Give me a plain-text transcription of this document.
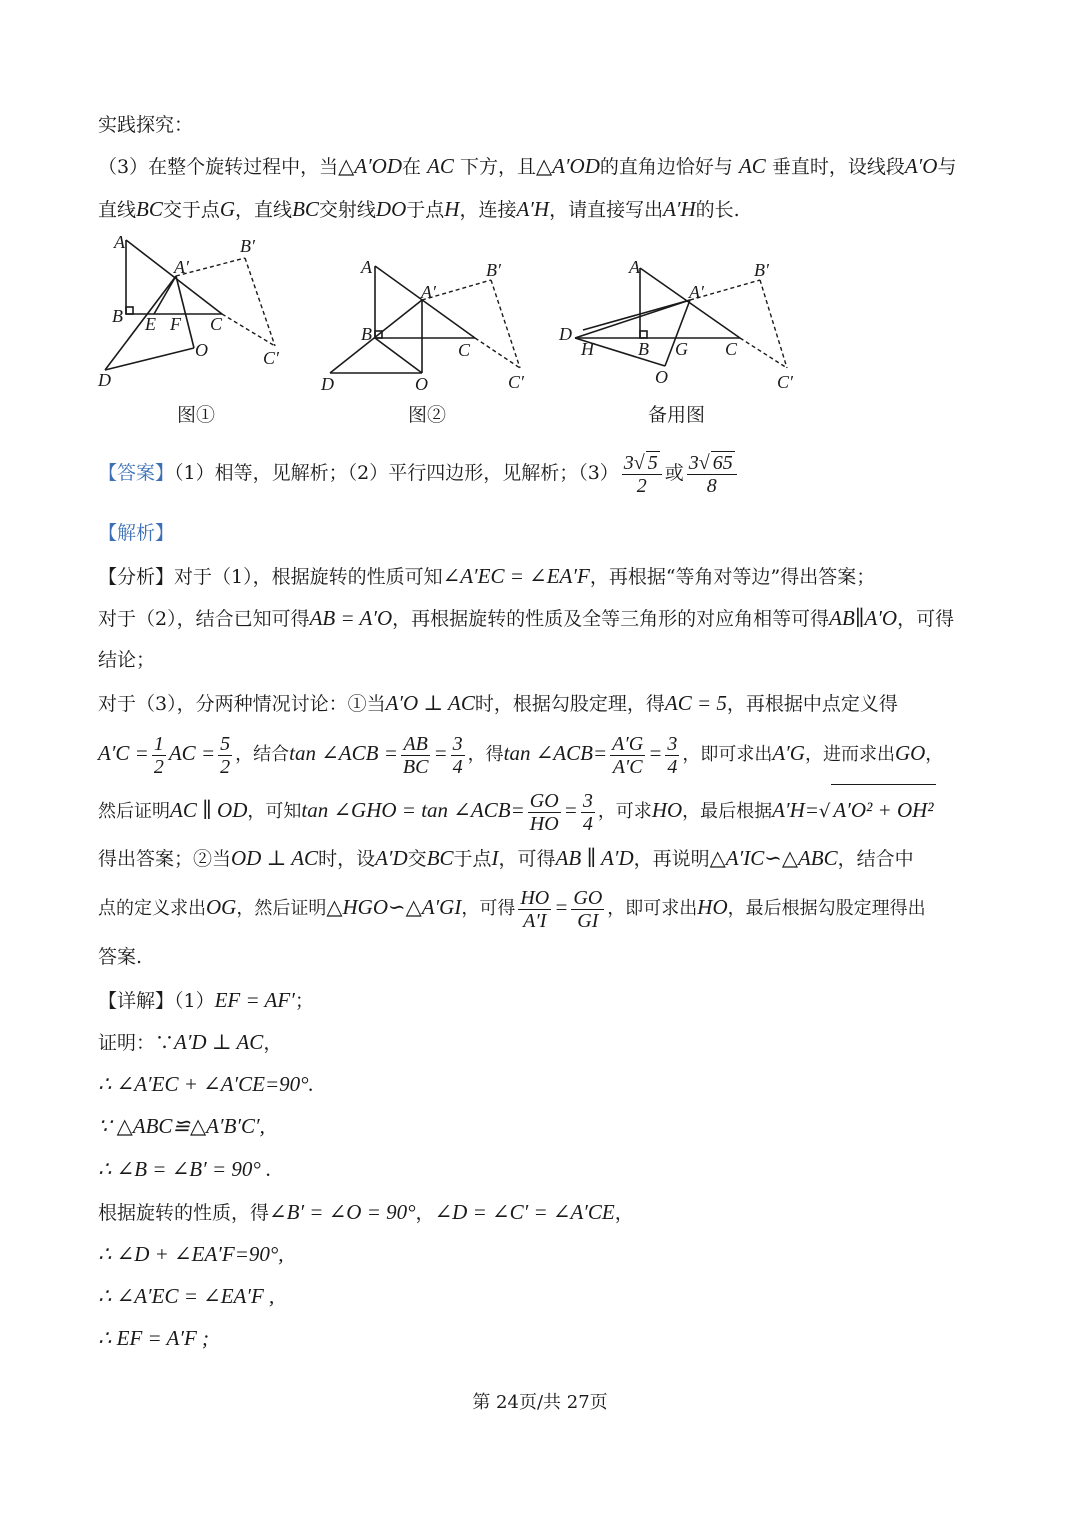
实践探究：
（3）在整个旋转过程中，当△A′OD在 AC 下方，且△A′OD的直角边恰好与 AC 垂直时，设线段A′O与
直线BC交于点G，直线BC交射线DO于点H，连接A′H，请直接写出A′H的长.
A
A′
B′
B E F C
O	C′
D
图①
A
A′
B′
B
C
D	O	C′
图②
A
A′
B′
D
H B G C
O	C′
备用图
【答案】（1）相等，见解析；（2）平行四边形，见解析；$(3) \frac{3√ 5}{2}$ 或 $\frac{3√ 65}{8}$
【解析】
【分析】对于（1），根据旋转的性质可知∠A′EC = ∠EA′F，再根据“等角对等边”得出答案；
对于（2），结合已知可得AB = A′O，再根据旋转的性质及全等三角形的对应角相等可得AB∥A′O，可得
结论；
对于（3），分两种情况讨论：①当A′O ⊥ AC时，根据勾股定理，得AC = 5，再根据中点定义得
$A'C = \frac{1}{2}$ AC = $\frac{5}{2}$ ，结合tan ∠ACB = $\frac{AB}{BC} = \frac{3}{4}$ ，得tan ∠ACB= $\frac{A'G}{A'C} = \frac{3}{4}$ ，即可求出A′G，进而求出GO，
然后证明AC ∥ OD，可知tan ∠GHO = tan ∠ACB= $\frac{GO}{HO} = \frac{3}{4}$ ，可求HO，最后根据A′H=√ A′O² + OH²
得出答案；②当OD ⊥ AC时，设A′D交BC于点I，可得AB ∥ A′D，再说明△A′IC∽△ABC，结合中
点的定义求出OG，然后证明△HGO∽△A′GI，可得 $\frac{HO}{A'I} = \frac{GO}{GI}$ ，即可求出HO，最后根据勾股定理得出
答案.
【详解】（1）EF = AF′；
证明：∵A′D ⊥ AC，
∴ ∠A′EC + ∠A′CE=90°.
∵ △ABC≌△A′B′C′,
∴ ∠B = ∠B′ = 90° .
根据旋转的性质，得∠B′ = ∠O = 90°，∠D = ∠C′ = ∠A′CE，
∴ ∠D + ∠EA′F=90°,
∴ ∠A′EC = ∠EA′F ,
∴ EF = A′F ;
第 24页/共 27页
